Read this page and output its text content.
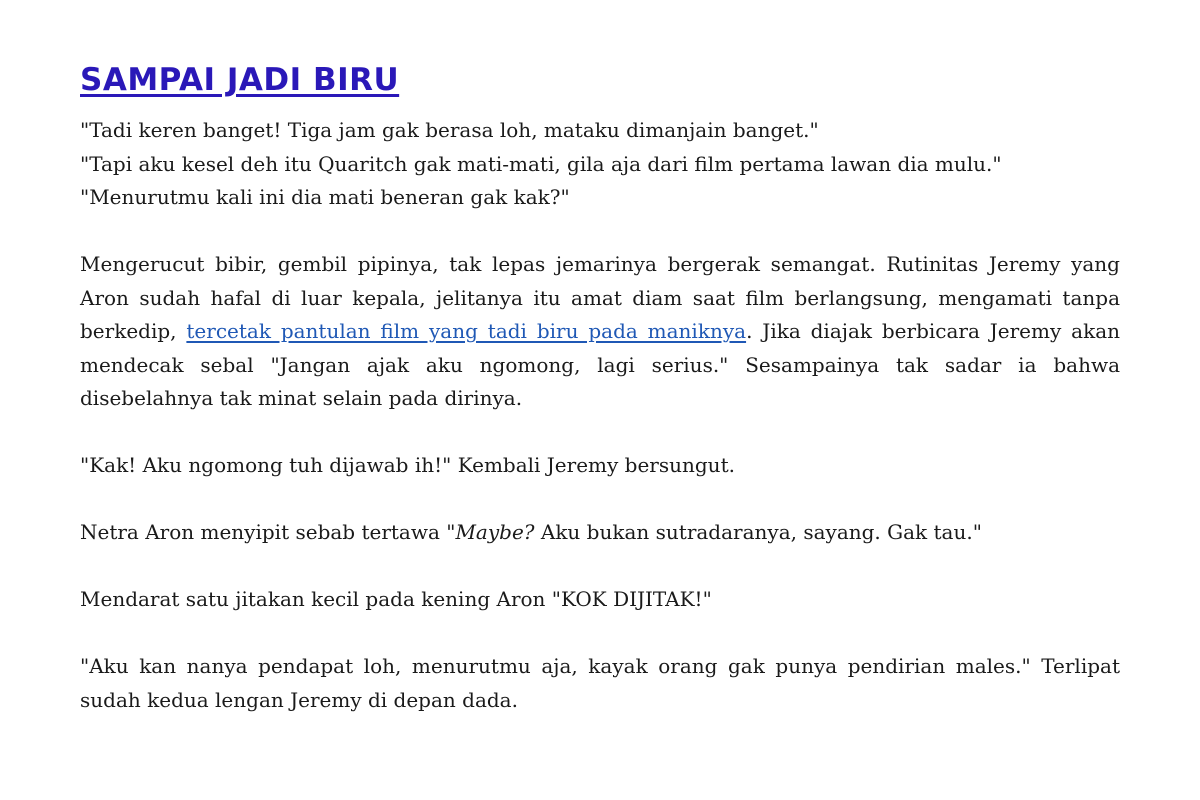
SAMPAI JADI BIRU

"Tadi keren banget! Tiga jam gak berasa loh, mataku dimanjain banget."
"Tapi aku kesel deh itu Quaritch gak mati-mati, gila aja dari film pertama lawan dia mulu."
"Menurutmu kali ini dia mati beneran gak kak?"

Mengerucut bibir, gembil pipinya, tak lepas jemarinya bergerak semangat. Rutinitas Jeremy yang Aron sudah hafal di luar kepala, jelitanya itu amat diam saat film berlangsung, mengamati tanpa berkedip, tercetak pantulan film yang tadi biru pada maniknya. Jika diajak berbicara Jeremy akan mendecak sebal "Jangan ajak aku ngomong, lagi serius." Sesampainya tak sadar ia bahwa disebelahnya tak minat selain pada dirinya.

"Kak! Aku ngomong tuh dijawab ih!" Kembali Jeremy bersungut.

Netra Aron menyipit sebab tertawa "Maybe? Aku bukan sutradaranya, sayang. Gak tau."

Mendarat satu jitakan kecil pada kening Aron "KOK DIJITAK!"

"Aku kan nanya pendapat loh, menurutmu aja, kayak orang gak punya pendirian males." Terlipat sudah kedua lengan Jeremy di depan dada.
